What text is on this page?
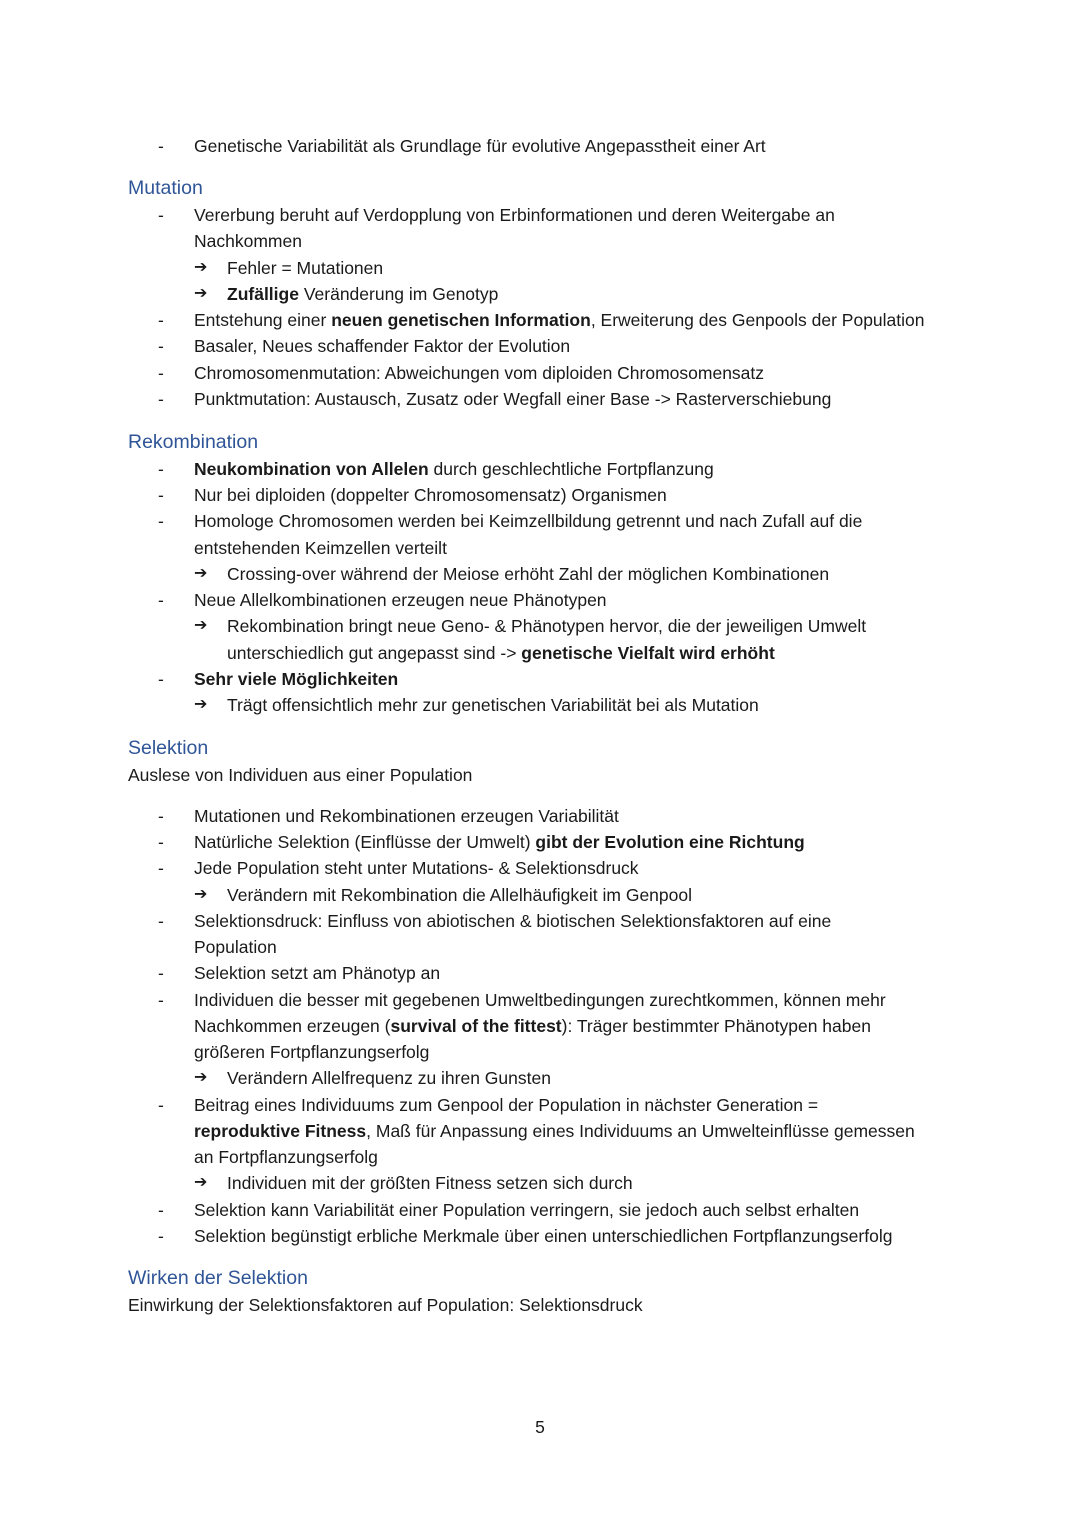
- Genetische Variabilität als Grundlage für evolutive Angepasstheit einer Art
Mutation
- Vererbung beruht auf Verdopplung von Erbinformationen und deren Weitergabe an
Nachkommen
➔ Fehler = Mutationen
➔ Zufällige Veränderung im Genotyp
- Entstehung einer neuen genetischen Information, Erweiterung des Genpools der Population
- Basaler, Neues schaffender Faktor der Evolution
- Chromosomenmutation: Abweichungen vom diploiden Chromosomensatz
- Punktmutation: Austausch, Zusatz oder Wegfall einer Base -> Rasterverschiebung
Rekombination
- Neukombination von Allelen durch geschlechtliche Fortpflanzung
- Nur bei diploiden (doppelter Chromosomensatz) Organismen
- Homologe Chromosomen werden bei Keimzellbildung getrennt und nach Zufall auf die
entstehenden Keimzellen verteilt
➔ Crossing-over während der Meiose erhöht Zahl der möglichen Kombinationen
- Neue Allelkombinationen erzeugen neue Phänotypen
➔ Rekombination bringt neue Geno- & Phänotypen hervor, die der jeweiligen Umwelt
unterschiedlich gut angepasst sind -> genetische Vielfalt wird erhöht
- Sehr viele Möglichkeiten
➔ Trägt offensichtlich mehr zur genetischen Variabilität bei als Mutation
Selektion
Auslese von Individuen aus einer Population
- Mutationen und Rekombinationen erzeugen Variabilität
- Natürliche Selektion (Einflüsse der Umwelt) gibt der Evolution eine Richtung
- Jede Population steht unter Mutations- & Selektionsdruck
➔ Verändern mit Rekombination die Allelhäufigkeit im Genpool
- Selektionsdruck: Einfluss von abiotischen & biotischen Selektionsfaktoren auf eine
Population
- Selektion setzt am Phänotyp an
- Individuen die besser mit gegebenen Umweltbedingungen zurechtkommen, können mehr
Nachkommen erzeugen (survival of the fittest): Träger bestimmter Phänotypen haben
größeren Fortpflanzungserfolg
➔ Verändern Allelfrequenz zu ihren Gunsten
- Beitrag eines Individuums zum Genpool der Population in nächster Generation =
reproduktive Fitness, Maß für Anpassung eines Individuums an Umwelteinflüsse gemessen
an Fortpflanzungserfolg
➔ Individuen mit der größten Fitness setzen sich durch
- Selektion kann Variabilität einer Population verringern, sie jedoch auch selbst erhalten
- Selektion begünstigt erbliche Merkmale über einen unterschiedlichen Fortpflanzungserfolg
Wirken der Selektion
Einwirkung der Selektionsfaktoren auf Population: Selektionsdruck
5
